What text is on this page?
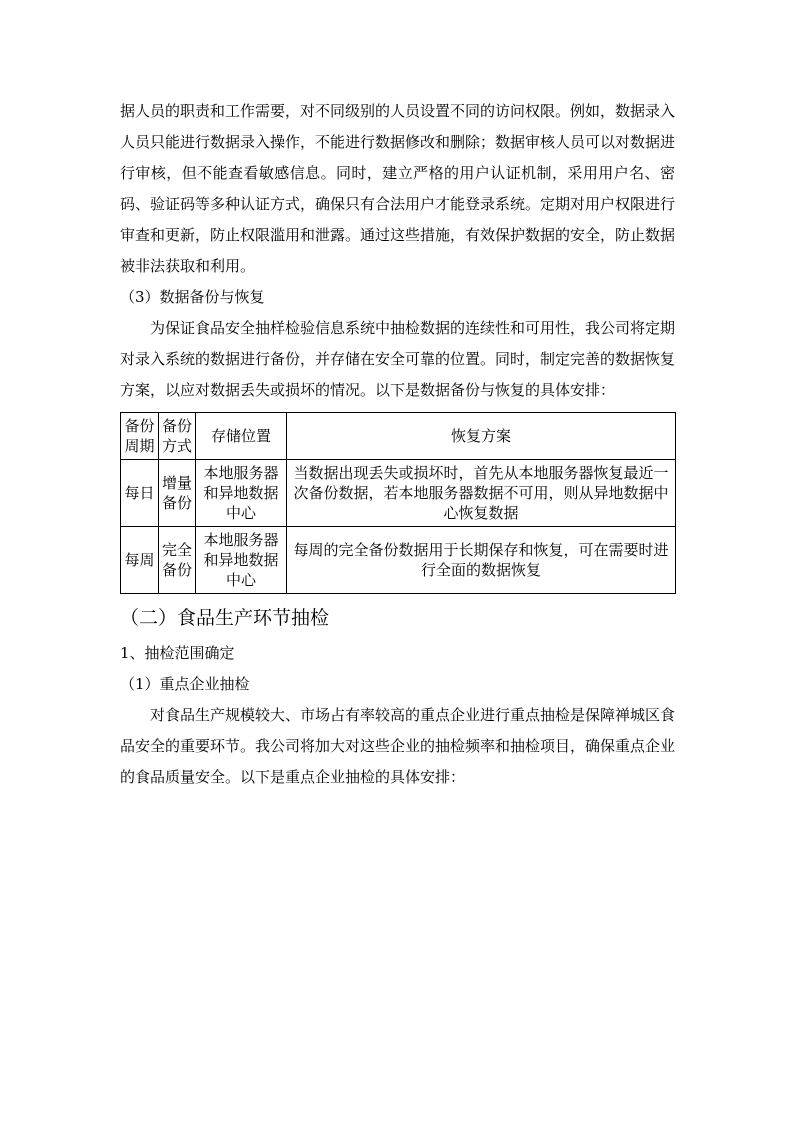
据人员的职责和工作需要，对不同级别的人员设置不同的访问权限。例如，数据录入人员只能进行数据录入操作，不能进行数据修改和删除；数据审核人员可以对数据进行审核，但不能查看敏感信息。同时，建立严格的用户认证机制，采用用户名、密码、验证码等多种认证方式，确保只有合法用户才能登录系统。定期对用户权限进行审查和更新，防止权限滥用和泄露。通过这些措施，有效保护数据的安全，防止数据被非法获取和利用。

（3）数据备份与恢复

为保证食品安全抽样检验信息系统中抽检数据的连续性和可用性，我公司将定期对录入系统的数据进行备份，并存储在安全可靠的位置。同时，制定完善的数据恢复方案，以应对数据丢失或损坏的情况。以下是数据备份与恢复的具体安排：

备份周期	备份方式	存储位置	恢复方案
每日	增量备份	本地服务器和异地数据中心	当数据出现丢失或损坏时，首先从本地服务器恢复最近一次备份数据，若本地服务器数据不可用，则从异地数据中心恢复数据
每周	完全备份	本地服务器和异地数据中心	每周的完全备份数据用于长期保存和恢复，可在需要时进行全面的数据恢复
（二）食品生产环节抽检

1、抽检范围确定

（1）重点企业抽检

对食品生产规模较大、市场占有率较高的重点企业进行重点抽检是保障禅城区食品安全的重要环节。我公司将加大对这些企业的抽检频率和抽检项目，确保重点企业的食品质量安全。以下是重点企业抽检的具体安排：
